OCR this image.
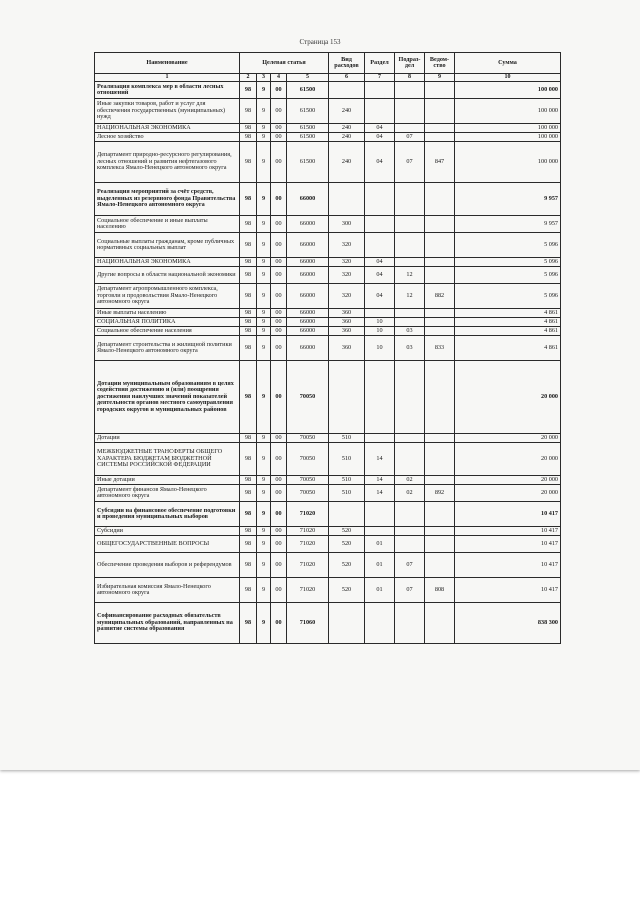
Страница 153
Наименование	Целевая статья				Вид расходов	Раздел	Подраз-дел	Ведом-ство	Сумма
1	2	3	4	5	6	7	8	9	10
Реализация комплекса мер в области лесных отношений	98	9	00	61500					100 000
Иные закупки товаров, работ и услуг для обеспечения государственных (муниципальных) нужд	98	9	00	61500	240				100 000
НАЦИОНАЛЬНАЯ ЭКОНОМИКА	98	9	00	61500	240	04			100 000
Лесное хозяйство	98	9	00	61500	240	04	07		100 000
Департамент природно-ресурсного регулирования, лесных отношений и развития нефтегазового комплекса Ямало-Ненецкого автономного округа	98	9	00	61500	240	04	07	847	100 000
Реализация мероприятий за счёт средств, выделенных из резервного фонда Правительства Ямало-Ненецкого автономного округа	98	9	00	66000					9 957
Социальное обеспечение и иные выплаты населению	98	9	00	66000	300				9 957
Социальные выплаты гражданам, кроме публичных нормативных социальных выплат	98	9	00	66000	320				5 096
НАЦИОНАЛЬНАЯ ЭКОНОМИКА	98	9	00	66000	320	04			5 096
Другие вопросы в области национальной экономики	98	9	00	66000	320	04	12		5 096
Департамент агропромышленного комплекса, торговли и продовольствия Ямало-Ненецкого автономного округа	98	9	00	66000	320	04	12	882	5 096
Иные выплаты населению	98	9	00	66000	360				4 861
СОЦИАЛЬНАЯ ПОЛИТИКА	98	9	00	66000	360	10			4 861
Социальное обеспечение населения	98	9	00	66000	360	10	03		4 861
Департамент строительства и жилищной политики Ямало-Ненецкого автономного округа	98	9	00	66000	360	10	03	833	4 861
Дотации муниципальным образованиям в целях содействия достижению и (или) поощрения достижения наилучших значений показателей деятельности органов местного самоуправления городских округов и муниципальных районов	98	9	00	70050					20 000
Дотации	98	9	00	70050	510				20 000
МЕЖБЮДЖЕТНЫЕ ТРАНСФЕРТЫ ОБЩЕГО ХАРАКТЕРА БЮДЖЕТАМ БЮДЖЕТНОЙ СИСТЕМЫ РОССИЙСКОЙ ФЕДЕРАЦИИ	98	9	00	70050	510	14			20 000
Иные дотации	98	9	00	70050	510	14	02		20 000
Департамент финансов Ямало-Ненецкого автономного округа	98	9	00	70050	510	14	02	892	20 000
Субсидии на финансовое обеспечение подготовки и проведения муниципальных выборов	98	9	00	71020					10 417
Субсидии	98	9	00	71020	520				10 417
ОБЩЕГОСУДАРСТВЕННЫЕ ВОПРОСЫ	98	9	00	71020	520	01			10 417
Обеспечение проведения выборов и референдумов	98	9	00	71020	520	01	07		10 417
Избирательная комиссия Ямало-Ненецкого автономного округа	98	9	00	71020	520	01	07	808	10 417
Софинансирование расходных обязательств муниципальных образований, направленных на развитие системы образования	98	9	00	71060					838 300
